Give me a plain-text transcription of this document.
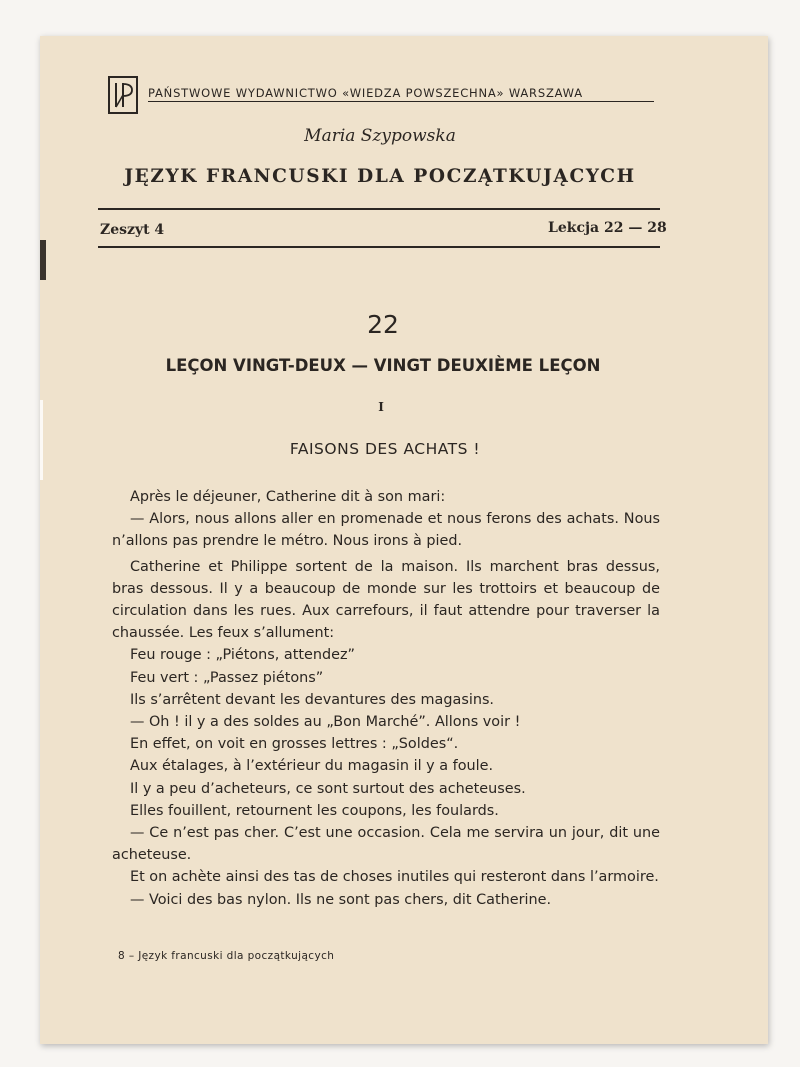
PAŃSTWOWE WYDAWNICTWO «WIEDZA POWSZECHNA» WARSZAWA
Maria Szypowska
JĘZYK FRANCUSKI DLA POCZĄTKUJĄCYCH
Zeszyt 4	Lekcja 22 — 28
22
LEÇON VINGT-DEUX — VINGT DEUXIÈME LEÇON
I
FAISONS DES ACHATS !

Après le déjeuner, Catherine dit à son mari:

— Alors, nous allons aller en promenade et nous ferons des achats. Nous n’allons pas prendre le métro. Nous irons à pied.

Catherine et Philippe sortent de la maison. Ils marchent bras dessus, bras dessous. Il y a beaucoup de monde sur les trottoirs et beaucoup de circulation dans les rues. Aux carrefours, il faut attendre pour traverser la chaussée. Les feux s’allument:

Feu rouge : „Piétons, attendez”

Feu vert : „Passez piétons”

Ils s’arrêtent devant les devantures des magasins.

— Oh ! il y a des soldes au „Bon Marché”. Allons voir !

En effet, on voit en grosses lettres : „Soldes“.

Aux étalages, à l’extérieur du magasin il y a foule.

Il y a peu d’acheteurs, ce sont surtout des acheteuses.

Elles fouillent, retournent les coupons, les foulards.

— Ce n’est pas cher. C’est une occasion. Cela me servira un jour, dit une acheteuse.

Et on achète ainsi des tas de choses inutiles qui resteront dans l’armoire.

— Voici des bas nylon. Ils ne sont pas chers, dit Catherine.

8 – Język francuski dla początkujących
